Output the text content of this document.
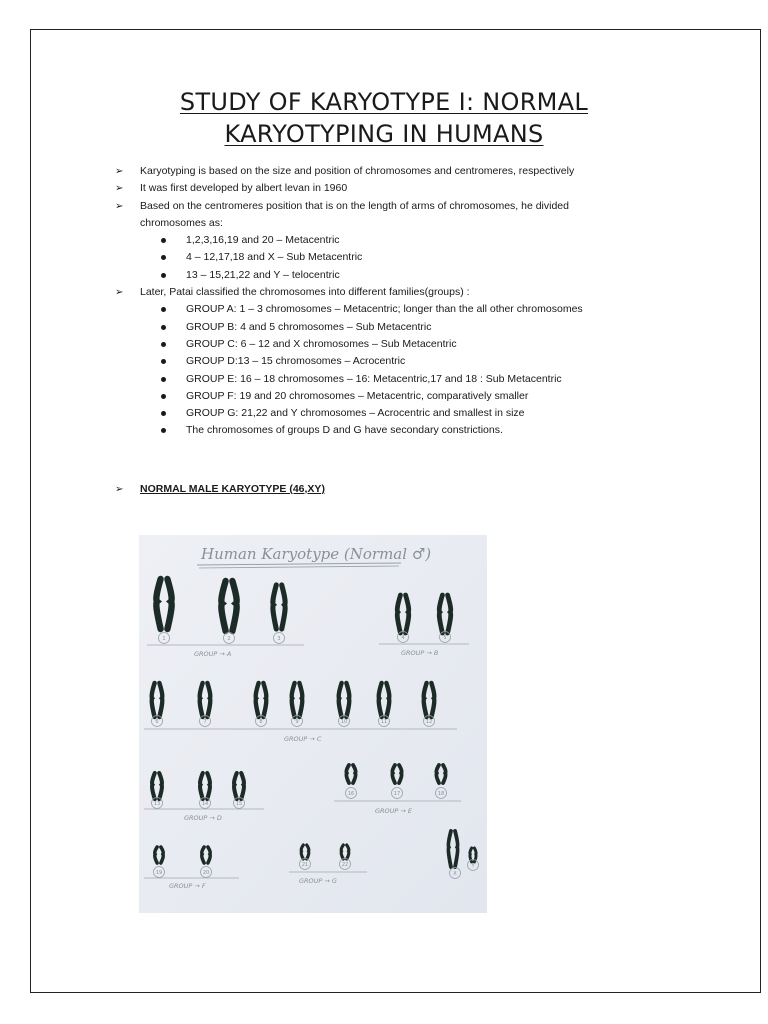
STUDY OF KARYOTYPE I: NORMAL
KARYOTYPING IN HUMANS
➢ Karyotyping is based on the size and position of chromosomes and centromeres, respectively
➢ It was first developed by albert levan in 1960
➢ Based on the centromeres position that is on the length of arms of chromosomes, he divided
chromosomes as:
1,2,3,16,19 and 20 – Metacentric
4 – 12,17,18 and X – Sub Metacentric
13 – 15,21,22 and Y – telocentric
➢ Later, Patai classified the chromosomes into different families(groups) :
GROUP A: 1 – 3 chromosomes – Metacentric; longer than the all other chromosomes
GROUP B: 4 and 5 chromosomes – Sub Metacentric
GROUP C: 6 – 12 and X chromosomes – Sub Metacentric
GROUP D:13 – 15 chromosomes – Acrocentric
GROUP E: 16 – 18 chromosomes – 16: Metacentric,17 and 18 : Sub Metacentric
GROUP F: 19 and 20 chromosomes – Metacentric, comparatively smaller
GROUP G: 21,22 and Y chromosomes – Acrocentric and smallest in size
The chromosomes of groups D and G have secondary constrictions.
➢ NORMAL MALE KARYOTYPE (46,XY)
Human Karyotype (Normal ♂)
1	2	3
GROUP → A
4	5
GROUP → B
6	7	8	9	10	11	12
GROUP → C
13	14	15
GROUP → D
16	17	18
GROUP → E
19	20
GROUP → F
21	22
GROUP → G
X
Y
